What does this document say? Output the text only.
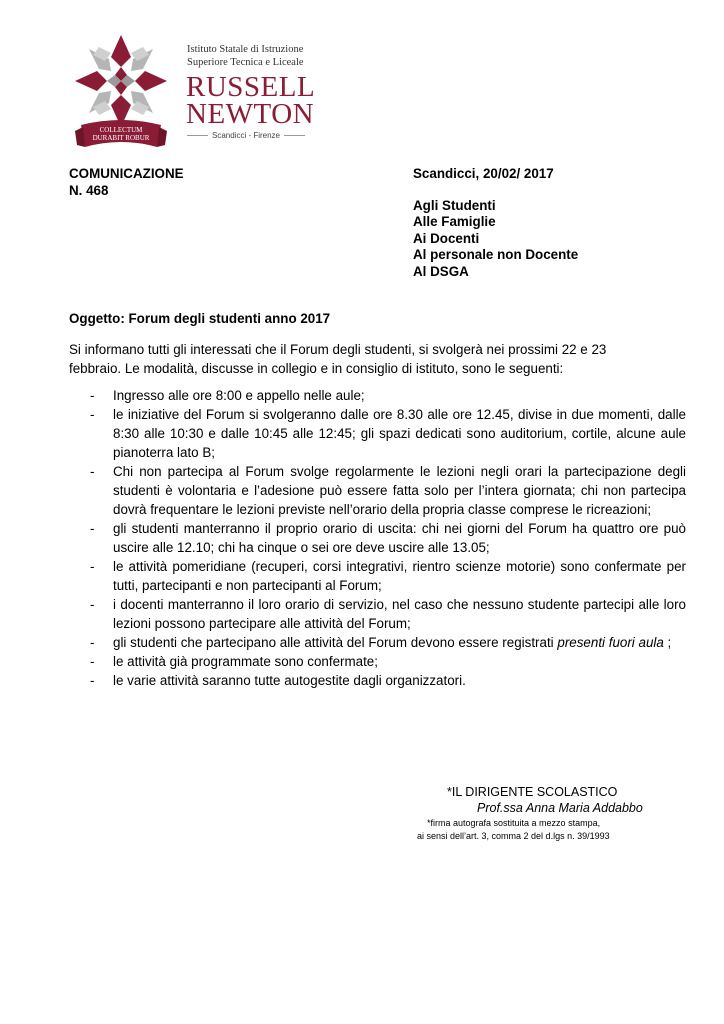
COLLECTUM
DURABIT ROBUR
Istituto Statale di Istruzione
Superiore Tecnica e Liceale
RUSSELL
NEWTON
Scandicci - Firenze
COMUNICAZIONE
N. 468
Scandicci, 20/02/ 2017
Agli Studenti
Alle Famiglie
Ai Docenti
Al personale non Docente
Al DSGA
Oggetto: Forum degli studenti anno 2017
Si informano tutti gli interessati che il Forum degli studenti, si svolgerà nei prossimi 22 e 23 febbraio. Le modalità, discusse in collegio e in consiglio di istituto, sono le seguenti:
- Ingresso alle ore 8:00 e appello nelle aule;
- le iniziative del Forum si svolgeranno dalle ore 8.30 alle ore 12.45, divise in due momenti, dalle 8:30 alle 10:30 e dalle 10:45 alle 12:45; gli spazi dedicati sono auditorium, cortile, alcune aule pianoterra lato B;
- Chi non partecipa al Forum svolge regolarmente le lezioni negli orari la partecipazione degli studenti è volontaria e l’adesione può essere fatta solo per l’intera giornata; chi non partecipa dovrà frequentare le lezioni previste nell’orario della propria classe comprese le ricreazioni;
- gli studenti manterranno il proprio orario di uscita: chi nei giorni del Forum ha quattro ore può uscire alle 12.10; chi ha cinque o sei ore deve uscire alle 13.05;
- le attività pomeridiane (recuperi, corsi integrativi, rientro scienze motorie) sono confermate per tutti, partecipanti e non partecipanti al Forum;
- i docenti manterranno il loro orario di servizio, nel caso che nessuno studente partecipi alle loro lezioni possono partecipare alle attività del Forum;
- gli studenti che partecipano alle attività del Forum devono essere registrati presenti fuori aula ;
- le attività già programmate sono confermate;
- le varie attività saranno tutte autogestite dagli organizzatori.
*IL DIRIGENTE SCOLASTICO
Prof.ssa Anna Maria Addabbo
*firma autografa sostituita a mezzo stampa,
ai sensi dell’art. 3, comma 2 del d.lgs n. 39/1993
